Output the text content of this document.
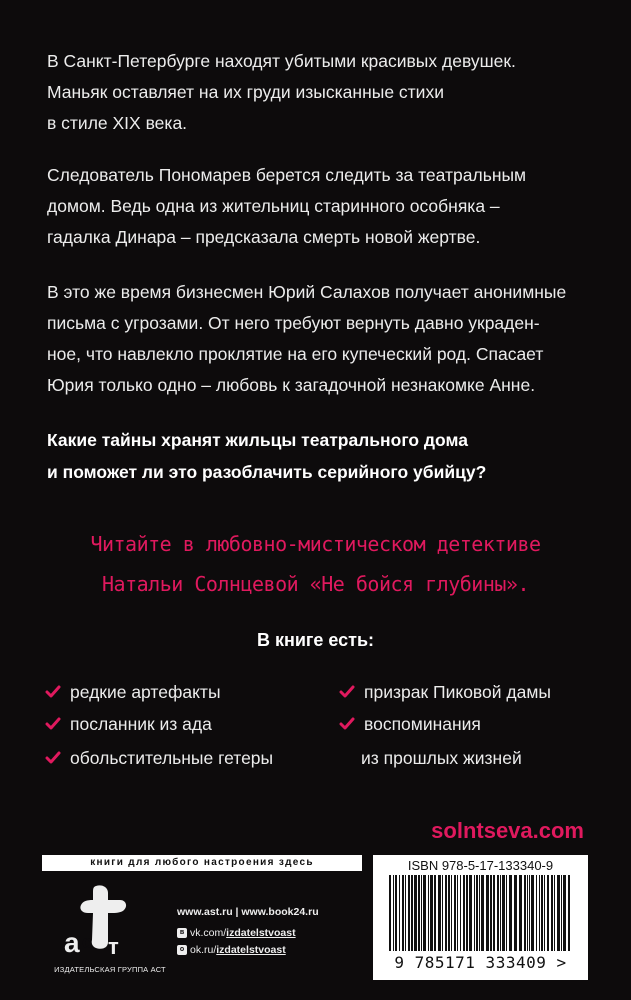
В Санкт-Петербурге находят убитыми красивых девушек.
Маньяк оставляет на их груди изысканные стихи
в стиле XIX века.

Следователь Пономарев берется следить за театральным
домом. Ведь одна из жительниц старинного особняка –
гадалка Динара – предсказала смерть новой жертве.

В это же время бизнесмен Юрий Салахов получает анонимные
письма с угрозами. От него требуют вернуть давно украден-
ное, что навлекло проклятие на его купеческий род. Спасает
Юрия только одно – любовь к загадочной незнакомке Анне.

Какие тайны хранят жильцы театрального дома
и поможет ли это разоблачить серийного убийцу?

Читайте в любовно-мистическом детективе
Натальи Солнцевой «Не бойся глубины».
В книге есть:
редкие артефакты
посланник из ада
обольстительные гетеры
призрак Пиковой дамы
воспоминания
из прошлых жизней
solntseva.com
книги для любого настроения здесь
а т
с
ИЗДАТЕЛЬСКАЯ ГРУППА АСТ
www.ast.ru | www.book24.ru
в vk.com/izdatelstvoast
о ok.ru/izdatelstvoast
ISBN 978-5-17-133340-9
9 785171 333409 >
